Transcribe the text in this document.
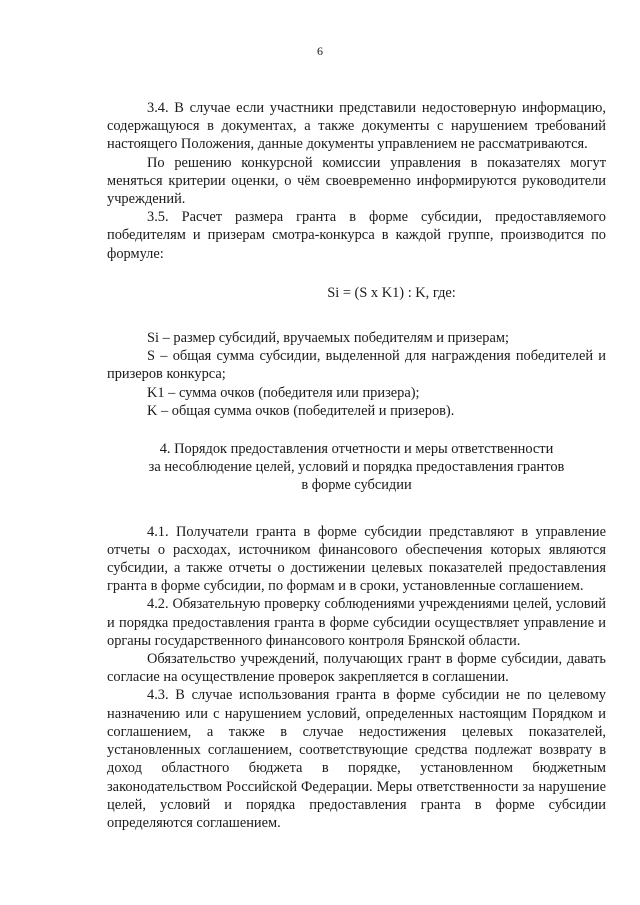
6

3.4. В случае если участники представили недостоверную информацию, содержащуюся в документах, а также документы с нарушением требований настоящего Положения, данные документы управлением не рассматриваются.

По решению конкурсной комиссии управления в показателях могут меняться критерии оценки, о чём своевременно информируются руководители учреждений.

3.5. Расчет размера гранта в форме субсидии, предоставляемого победителям и призерам смотра-конкурса в каждой группе, производится по формуле:

Si = (S x K1) : K, где:

Si – размер субсидий, вручаемых победителям и призерам;

S – общая сумма субсидии, выделенной для награждения победителей и призеров конкурса;

K1 – сумма очков (победителя или призера);

K – общая сумма очков (победителей и призеров).

4. Порядок предоставления отчетности и меры ответственности
за несоблюдение целей, условий и порядка предоставления грантов
в форме субсидии

4.1. Получатели гранта в форме субсидии представляют в управление отчеты о расходах, источником финансового обеспечения которых являются субсидии, а также отчеты о достижении целевых показателей предоставления гранта в форме субсидии, по формам и в сроки, установленные соглашением.

4.2. Обязательную проверку соблюдениями учреждениями целей, условий и порядка предоставления гранта в форме субсидии осуществляет управление и органы государственного финансового контроля Брянской области.

Обязательство учреждений, получающих грант в форме субсидии, давать согласие на осуществление проверок закрепляется в соглашении.

4.3. В случае использования гранта в форме субсидии не по целевому назначению или с нарушением условий, определенных настоящим Порядком и соглашением, а также в случае недостижения целевых показателей, установленных соглашением, соответствующие средства подлежат возврату в доход областного бюджета в порядке, установленном бюджетным законодательством Российской Федерации. Меры ответственности за нарушение целей, условий и порядка предоставления гранта в форме субсидии определяются соглашением.
